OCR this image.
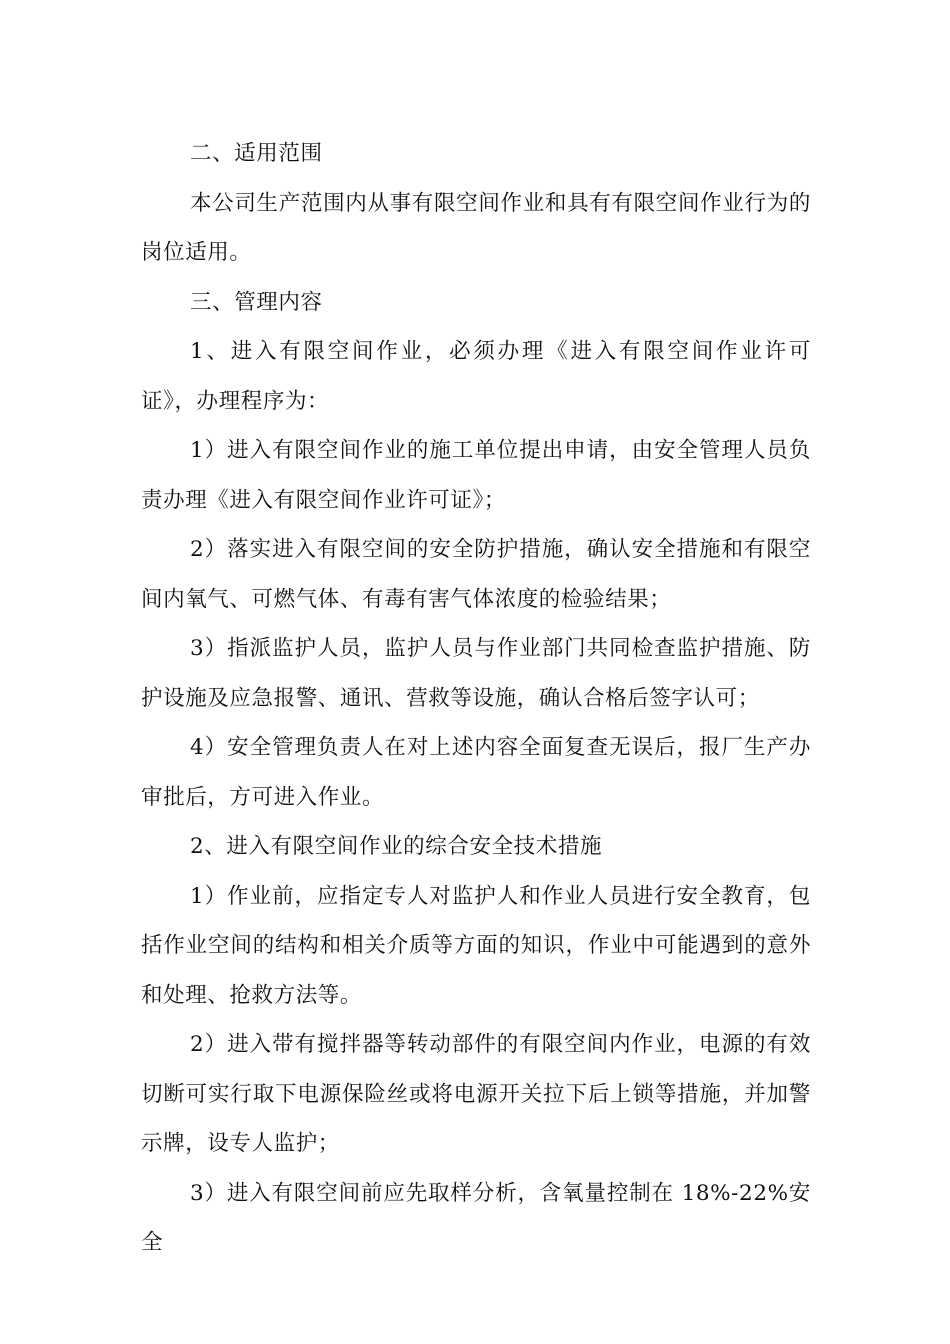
二、适用范围

本公司生产范围内从事有限空间作业和具有有限空间作业行为的岗位适用。

三、管理内容

1、进入有限空间作业，必须办理《进入有限空间作业许可证》，办理程序为：

1）进入有限空间作业的施工单位提出申请，由安全管理人员负责办理《进入有限空间作业许可证》；

2）落实进入有限空间的安全防护措施，确认安全措施和有限空间内氧气、可燃气体、有毒有害气体浓度的检验结果；

3）指派监护人员，监护人员与作业部门共同检查监护措施、防护设施及应急报警、通讯、营救等设施，确认合格后签字认可；

4）安全管理负责人在对上述内容全面复查无误后，报厂生产办审批后，方可进入作业。

2、进入有限空间作业的综合安全技术措施

1）作业前，应指定专人对监护人和作业人员进行安全教育，包括作业空间的结构和相关介质等方面的知识，作业中可能遇到的意外和处理、抢救方法等。

2）进入带有搅拌器等转动部件的有限空间内作业，电源的有效切断可实行取下电源保险丝或将电源开关拉下后上锁等措施，并加警示牌，设专人监护；

3）进入有限空间前应先取样分析，含氧量控制在 18%-22%安全
